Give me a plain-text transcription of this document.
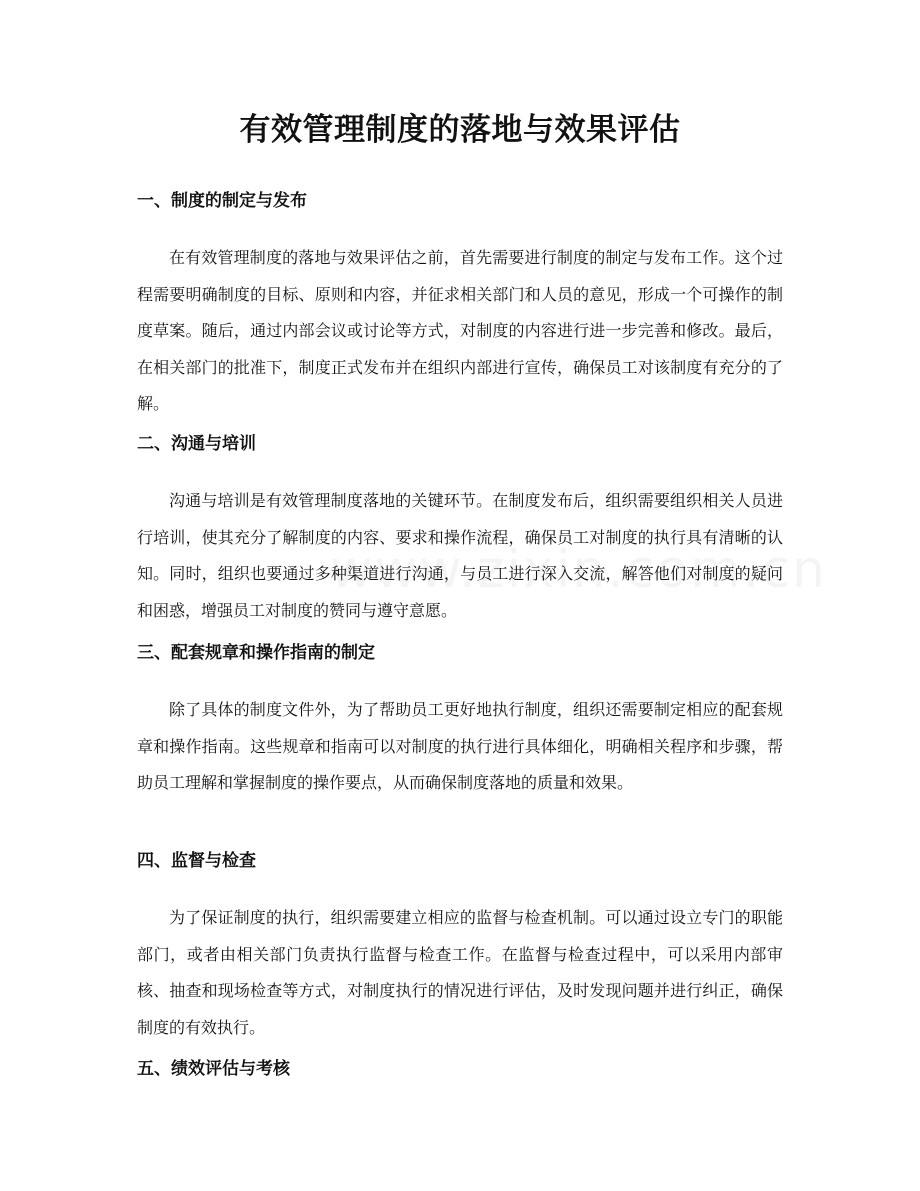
有效管理制度的落地与效果评估
一、制度的制定与发布

在有效管理制度的落地与效果评估之前，首先需要进行制度的制定与发布工作。这个过程需要明确制度的目标、原则和内容，并征求相关部门和人员的意见，形成一个可操作的制度草案。随后，通过内部会议或讨论等方式，对制度的内容进行进一步完善和修改。最后，在相关部门的批准下，制度正式发布并在组织内部进行宣传，确保员工对该制度有充分的了解。

二、沟通与培训

沟通与培训是有效管理制度落地的关键环节。在制度发布后，组织需要组织相关人员进行培训，使其充分了解制度的内容、要求和操作流程，确保员工对制度的执行具有清晰的认知。同时，组织也要通过多种渠道进行沟通，与员工进行深入交流，解答他们对制度的疑问和困惑，增强员工对制度的赞同与遵守意愿。

三、配套规章和操作指南的制定

除了具体的制度文件外，为了帮助员工更好地执行制度，组织还需要制定相应的配套规章和操作指南。这些规章和指南可以对制度的执行进行具体细化，明确相关程序和步骤，帮助员工理解和掌握制度的操作要点，从而确保制度落地的质量和效果。

四、监督与检查

为了保证制度的执行，组织需要建立相应的监督与检查机制。可以通过设立专门的职能部门，或者由相关部门负责执行监督与检查工作。在监督与检查过程中，可以采用内部审核、抽查和现场检查等方式，对制度执行的情况进行评估，及时发现问题并进行纠正，确保制度的有效执行。

五、绩效评估与考核
